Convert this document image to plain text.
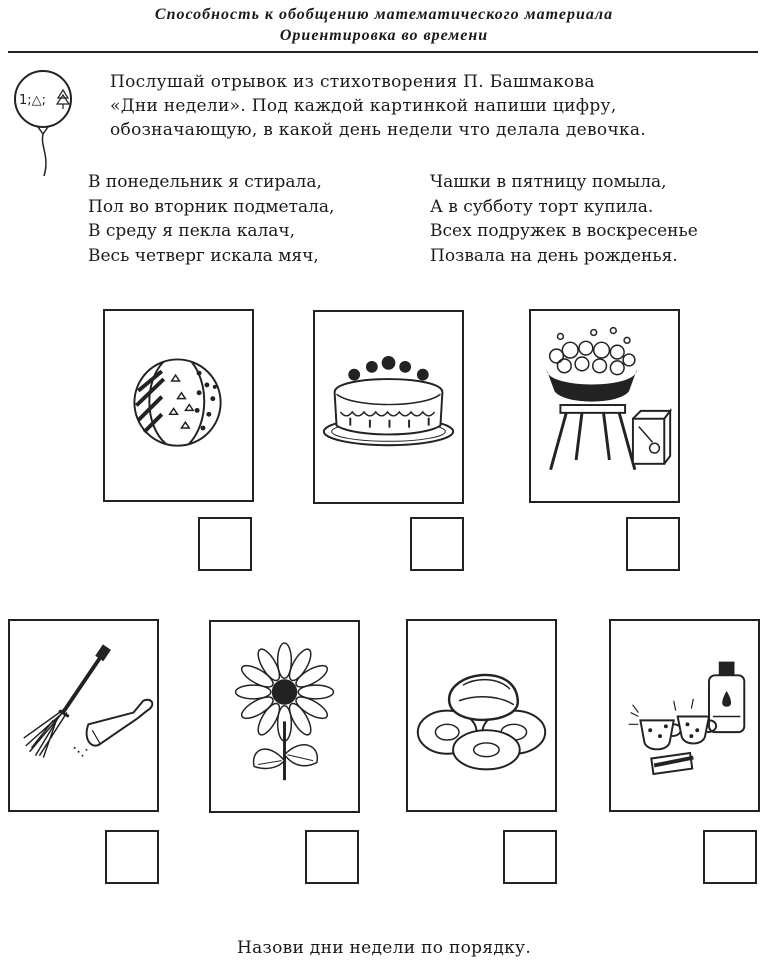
Способность к обобщению математического материала
Ориентировка во времени
1;△;
Послушай отрывок из стихотворения П. Башмакова
«Дни недели». Под каждой картинкой напиши цифру,
обозначающую, в какой день недели что делала девочка.
В понедельник я стирала,
Пол во вторник подметала,
В среду я пекла калач,
Весь четверг искала мяч,
Чашки в пятницу помыла,
А в субботу торт купила.
Всех подружек в воскресенье
Позвала на день рожденья.
Назови дни недели по порядку.
